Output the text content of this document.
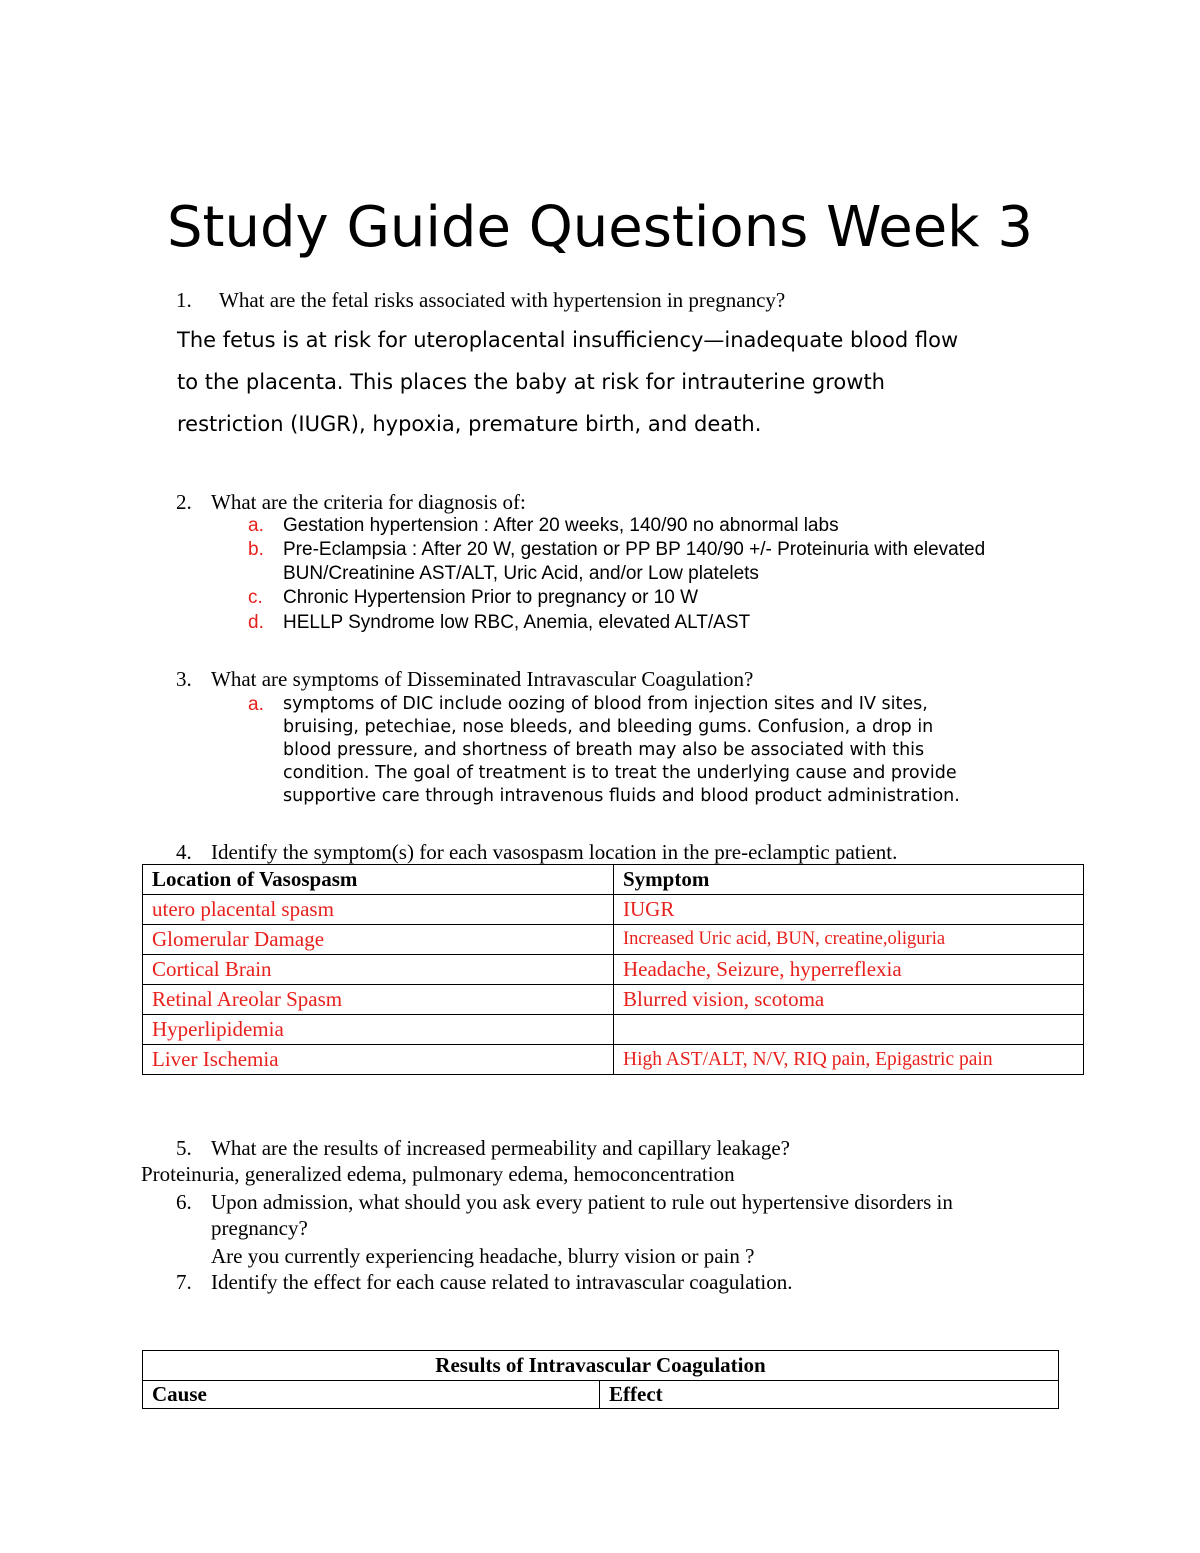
Study Guide Questions Week 3
1. What are the fetal risks associated with hypertension in pregnancy?
The fetus is at risk for uteroplacental insufficiency—inadequate blood flow
to the placenta. This places the baby at risk for intrauterine growth
restriction (IUGR), hypoxia, premature birth, and death.
2. What are the criteria for diagnosis of:
a. Gestation hypertension : After 20 weeks, 140/90 no abnormal labs
b. Pre-Eclampsia : After 20 W, gestation or PP BP 140/90 +/- Proteinuria with elevated
BUN/Creatinine AST/ALT, Uric Acid, and/or Low platelets
c. Chronic Hypertension Prior to pregnancy or 10 W
d. HELLP Syndrome low RBC, Anemia, elevated ALT/AST
3. What are symptoms of Disseminated Intravascular Coagulation?
a. symptoms of DIC include oozing of blood from injection sites and IV sites,
bruising, petechiae, nose bleeds, and bleeding gums. Confusion, a drop in
blood pressure, and shortness of breath may also be associated with this
condition. The goal of treatment is to treat the underlying cause and provide
supportive care through intravenous fluids and blood product administration.
4. Identify the symptom(s) for each vasospasm location in the pre-eclamptic patient.
Location of Vasospasm	Symptom
utero placental spasm	IUGR
Glomerular Damage	Increased Uric acid, BUN, creatine,oliguria
Cortical Brain	Headache, Seizure, hyperreflexia
Retinal Areolar Spasm	Blurred vision, scotoma
Hyperlipidemia	
Liver Ischemia	High AST/ALT, N/V, RIQ pain, Epigastric pain
5. What are the results of increased permeability and capillary leakage?
Proteinuria, generalized edema, pulmonary edema, hemoconcentration
6. Upon admission, what should you ask every patient to rule out hypertensive disorders in
pregnancy?
Are you currently experiencing headache, blurry vision or pain ?
7. Identify the effect for each cause related to intravascular coagulation.
Results of Intravascular Coagulation
Cause	Effect
